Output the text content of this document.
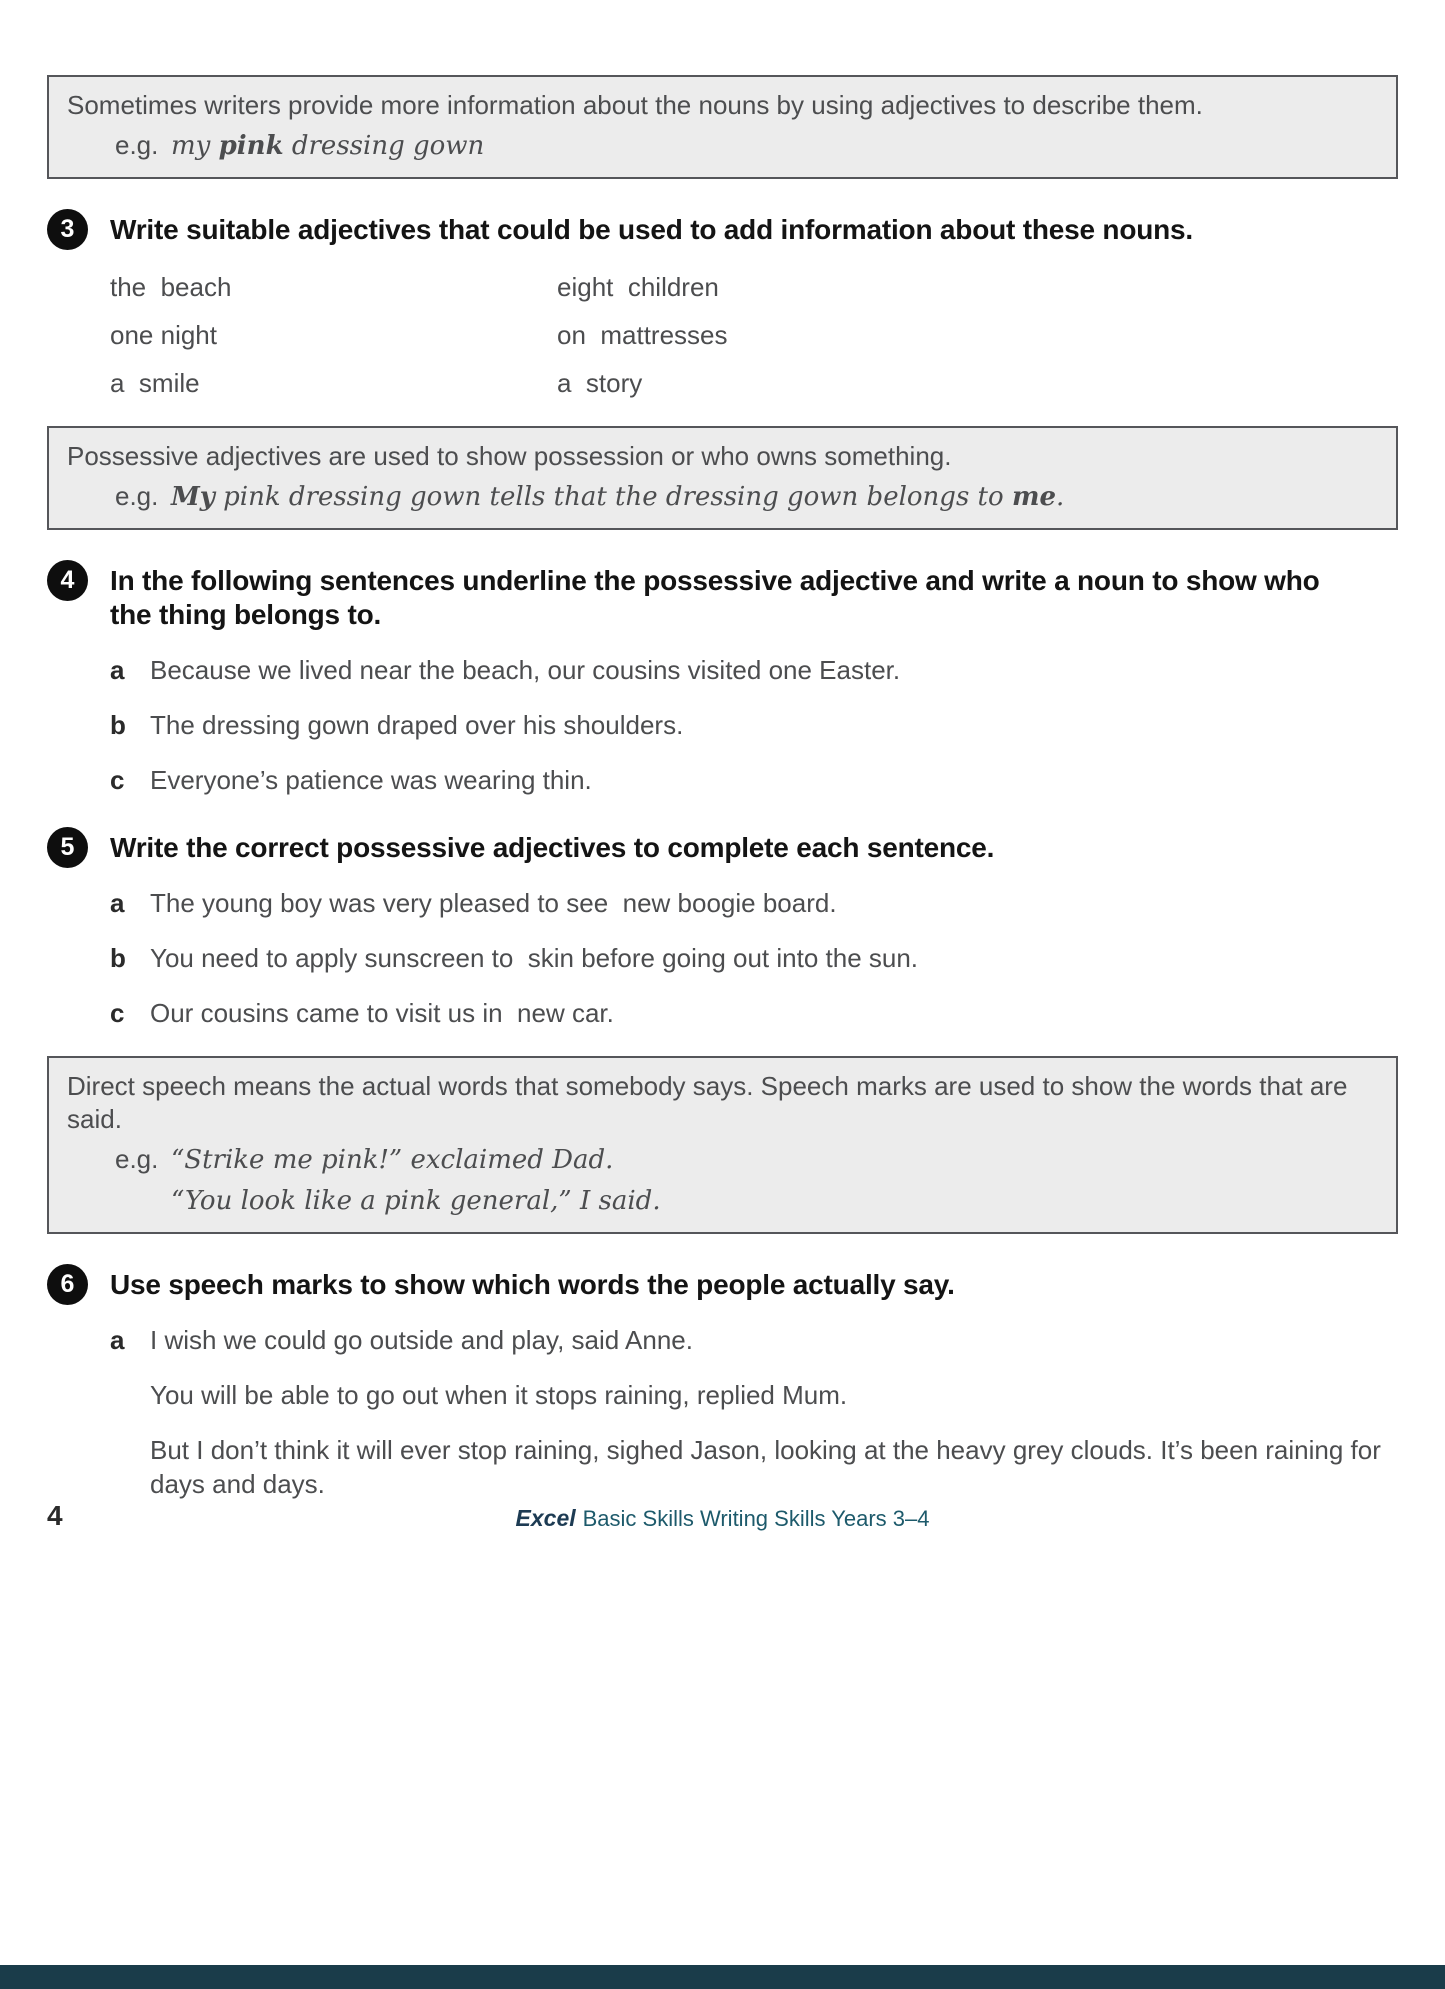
Sometimes writers provide more information about the nouns by using adjectives to describe them.

e.g. my pink dressing gown

3	Write suitable adjectives that could be used to add information about these nouns.

the  beach	eight  children

one night	on  mattresses

a  smile	a  story

Possessive adjectives are used to show possession or who owns something.

e.g. My pink dressing gown tells that the dressing gown belongs to me.

4	In the following sentences underline the possessive adjective and write a noun to show who the thing belongs to.

a Because we lived near the beach, our cousins visited one Easter.
b The dressing gown draped over his shoulders.
c Everyone’s patience was wearing thin.
5	Write the correct possessive adjectives to complete each sentence.

a The young boy was very pleased to see  new boogie board.
b You need to apply sunscreen to  skin before going out into the sun.
c Our cousins came to visit us in  new car.

Direct speech means the actual words that somebody says. Speech marks are used to show the words that are said.

e.g. “Strike me pink!” exclaimed Dad.

“You look like a pink general,” I said.

6	Use speech marks to show which words the people actually say.

a I wish we could go outside and play, said Anne.
You will be able to go out when it stops raining, replied Mum.
But I don’t think it will ever stop raining, sighed Jason, looking at the heavy grey clouds. It’s been raining for days and days.
4	Excel Basic Skills Writing Skills Years 3–4
